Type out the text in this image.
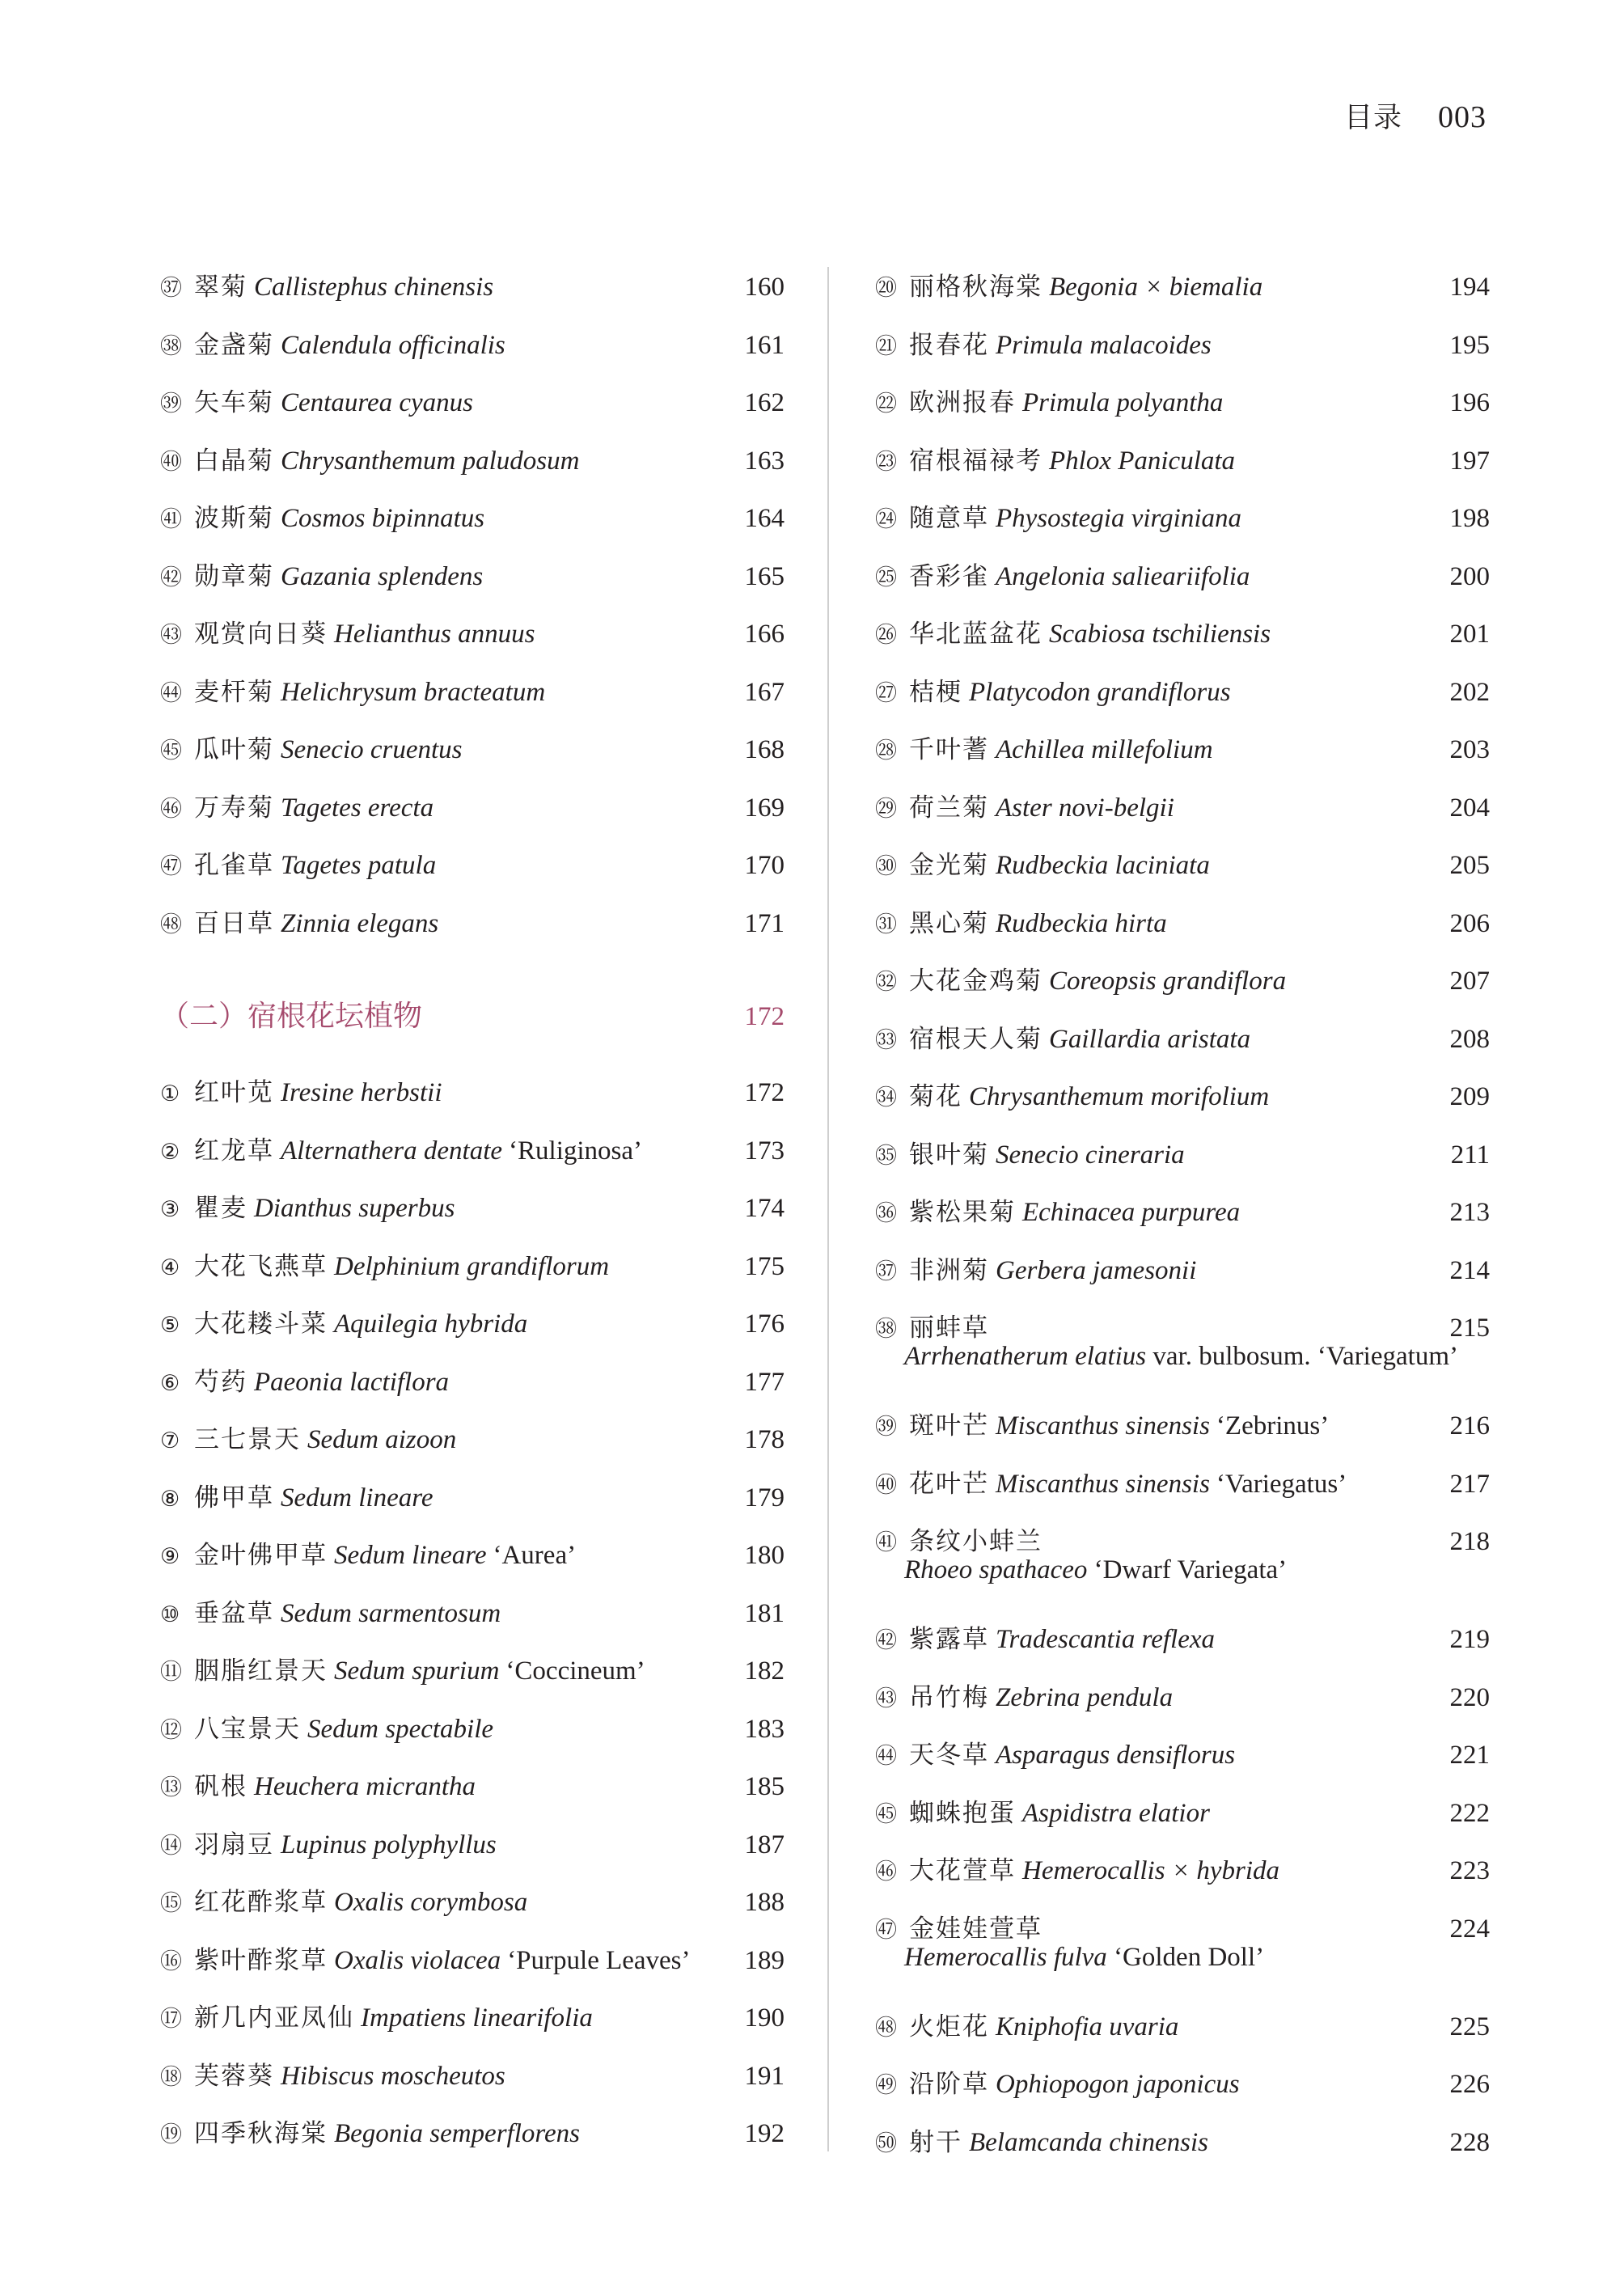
目录 003
㊲ 翠菊 Callistephus chinensis	160
㊳ 金盏菊 Calendula officinalis	161
㊴ 矢车菊 Centaurea cyanus	162
㊵ 白晶菊 Chrysanthemum paludosum	163
㊶ 波斯菊 Cosmos bipinnatus	164
㊷ 勋章菊 Gazania splendens	165
㊸ 观赏向日葵 Helianthus annuus	166
㊹ 麦杆菊 Helichrysum bracteatum	167
㊺ 瓜叶菊 Senecio cruentus	168
㊻ 万寿菊 Tagetes erecta	169
㊼ 孔雀草 Tagetes patula	170
㊽ 百日草 Zinnia elegans	171
（二）宿根花坛植物	172
① 红叶苋 Iresine herbstii	172
② 红龙草 Alternathera dentate ‘Ruliginosa’	173
③ 瞿麦 Dianthus superbus	174
④ 大花飞燕草 Delphinium grandiflorum	175
⑤ 大花耧斗菜 Aquilegia hybrida	176
⑥ 芍药 Paeonia lactiflora	177
⑦ 三七景天 Sedum aizoon	178
⑧ 佛甲草 Sedum lineare	179
⑨ 金叶佛甲草 Sedum lineare ‘Aurea’	180
⑩ 垂盆草 Sedum sarmentosum	181
⑪ 胭脂红景天 Sedum spurium ‘Coccineum’	182
⑫ 八宝景天 Sedum spectabile	183
⑬ 矾根 Heuchera micrantha	185
⑭ 羽扇豆 Lupinus polyphyllus	187
⑮ 红花酢浆草 Oxalis corymbosa	188
⑯ 紫叶酢浆草 Oxalis violacea ‘Purpule Leaves’ 189
⑰ 新几内亚凤仙 Impatiens linearifolia	190
⑱ 芙蓉葵 Hibiscus moscheutos	191
⑲ 四季秋海棠 Begonia semperflorens	192
⑳ 丽格秋海棠 Begonia × biemalia	194
㉑ 报春花 Primula malacoides	195
㉒ 欧洲报春 Primula polyantha	196
㉓ 宿根福禄考 Phlox Paniculata	197
㉔ 随意草 Physostegia virginiana	198
㉕ 香彩雀 Angelonia salieariifolia	200
㉖ 华北蓝盆花 Scabiosa tschiliensis	201
㉗ 桔梗 Platycodon grandiflorus	202
㉘ 千叶蓍 Achillea millefolium	203
㉙ 荷兰菊 Aster novi-belgii	204
㉚ 金光菊 Rudbeckia laciniata	205
㉛ 黑心菊 Rudbeckia hirta	206
㉜ 大花金鸡菊 Coreopsis grandiflora	207
㉝ 宿根天人菊 Gaillardia aristata	208
㉞ 菊花 Chrysanthemum morifolium	209
㉟ 银叶菊 Senecio cineraria	211
㊱ 紫松果菊 Echinacea purpurea	213
㊲ 非洲菊 Gerbera jamesonii	214
㊳ 丽蚌草	215
Arrhenatherum elatius var. bulbosum. ‘Variegatum’
㊴ 斑叶芒 Miscanthus sinensis ‘Zebrinus’	216
㊵ 花叶芒 Miscanthus sinensis ‘Variegatus’	217
㊶ 条纹小蚌兰	218
Rhoeo spathaceo ‘Dwarf Variegata’
㊷ 紫露草 Tradescantia reflexa	219
㊸ 吊竹梅 Zebrina pendula	220
㊹ 天冬草 Asparagus densiflorus	221
㊺ 蜘蛛抱蛋 Aspidistra elatior	222
㊻ 大花萱草 Hemerocallis × hybrida	223
㊼ 金娃娃萱草	224
Hemerocallis fulva ‘Golden Doll’
㊽ 火炬花 Kniphofia uvaria	225
㊾ 沿阶草 Ophiopogon japonicus	226
㊿ 射干 Belamcanda chinensis	228
